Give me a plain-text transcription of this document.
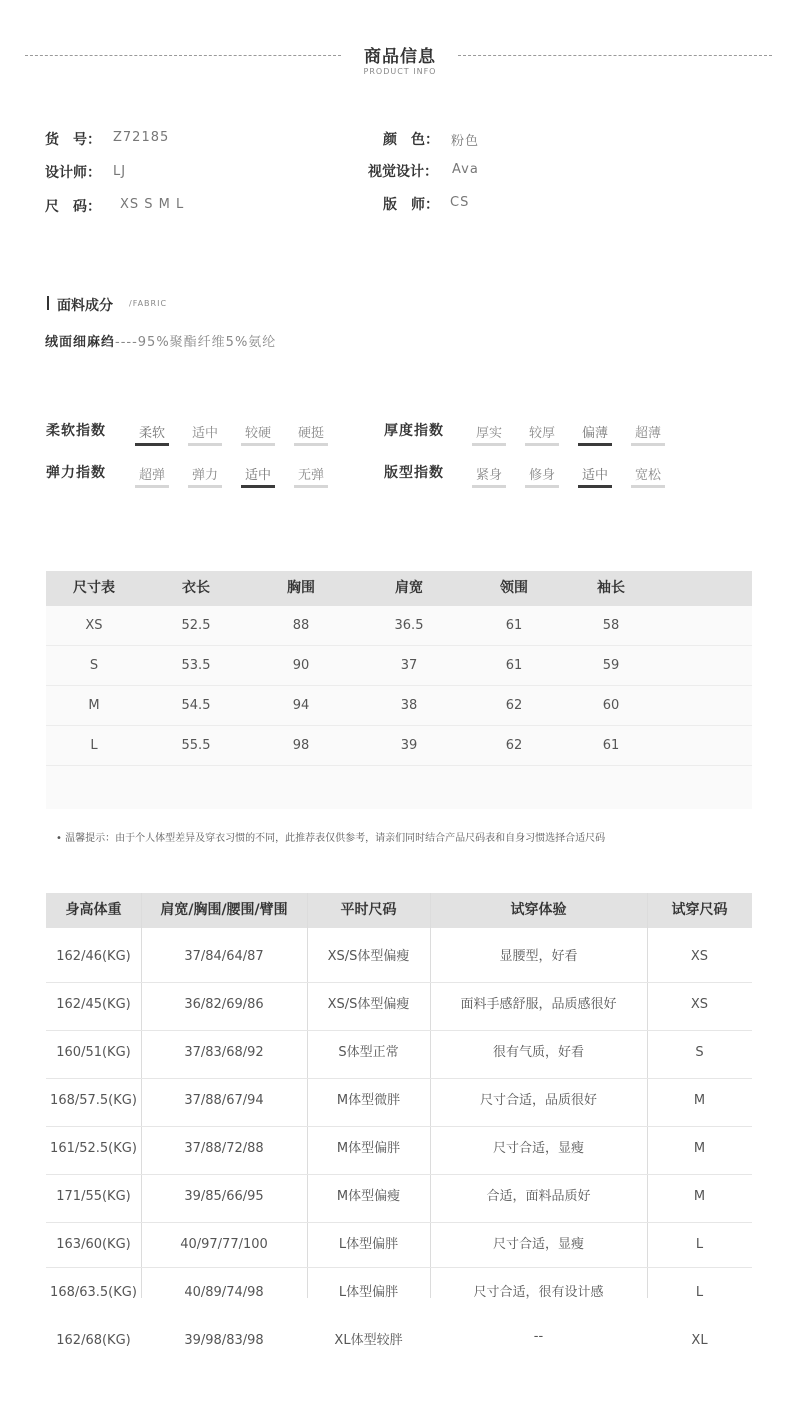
商品信息
PRODUCT INFO
货　号： Z72185	颜　色： 粉色
设计师： LJ	视觉设计： Ava
尺　码： XS S M L	版　师： CS
面料成分 /FABRIC
绒面细麻绉----95%聚酯纤维5%氨纶
柔软指数	柔软	适中	较硬	硬挺	厚度指数	厚实	较厚	偏薄	超薄
弹力指数	超弹	弹力	适中	无弹	版型指数	紧身	修身	适中	宽松
尺寸表	衣长	胸围	肩宽	领围	袖长
XS	52.5	88	36.5	61	58
S	53.5	90	37	61	59
M	54.5	94	38	62	60
L	55.5	98	39	62	61
• 温馨提示：由于个人体型差异及穿衣习惯的不同，此推荐表仅供参考，请亲们同时结合产品尺码表和自身习惯选择合适尺码
身高体重	肩宽/胸围/腰围/臂围	平时尺码	试穿体验	试穿尺码
162/46(KG)	37/84/64/87	XS/S体型偏瘦	显腰型，好看	XS
162/45(KG)	36/82/69/86	XS/S体型偏瘦	面料手感舒服，品质感很好	XS
160/51(KG)	37/83/68/92	S体型正常	很有气质，好看	S
168/57.5(KG)	37/88/67/94	M体型微胖	尺寸合适，品质很好	M
161/52.5(KG)	37/88/72/88	M体型偏胖	尺寸合适，显瘦	M
171/55(KG)	39/85/66/95	M体型偏瘦	合适，面料品质好	M
163/60(KG)	40/97/77/100	L体型偏胖	尺寸合适，显瘦	L
168/63.5(KG)	40/89/74/98	L体型偏胖	尺寸合适，很有设计感	L
162/68(KG)	39/98/83/98	XL体型较胖	--	XL
